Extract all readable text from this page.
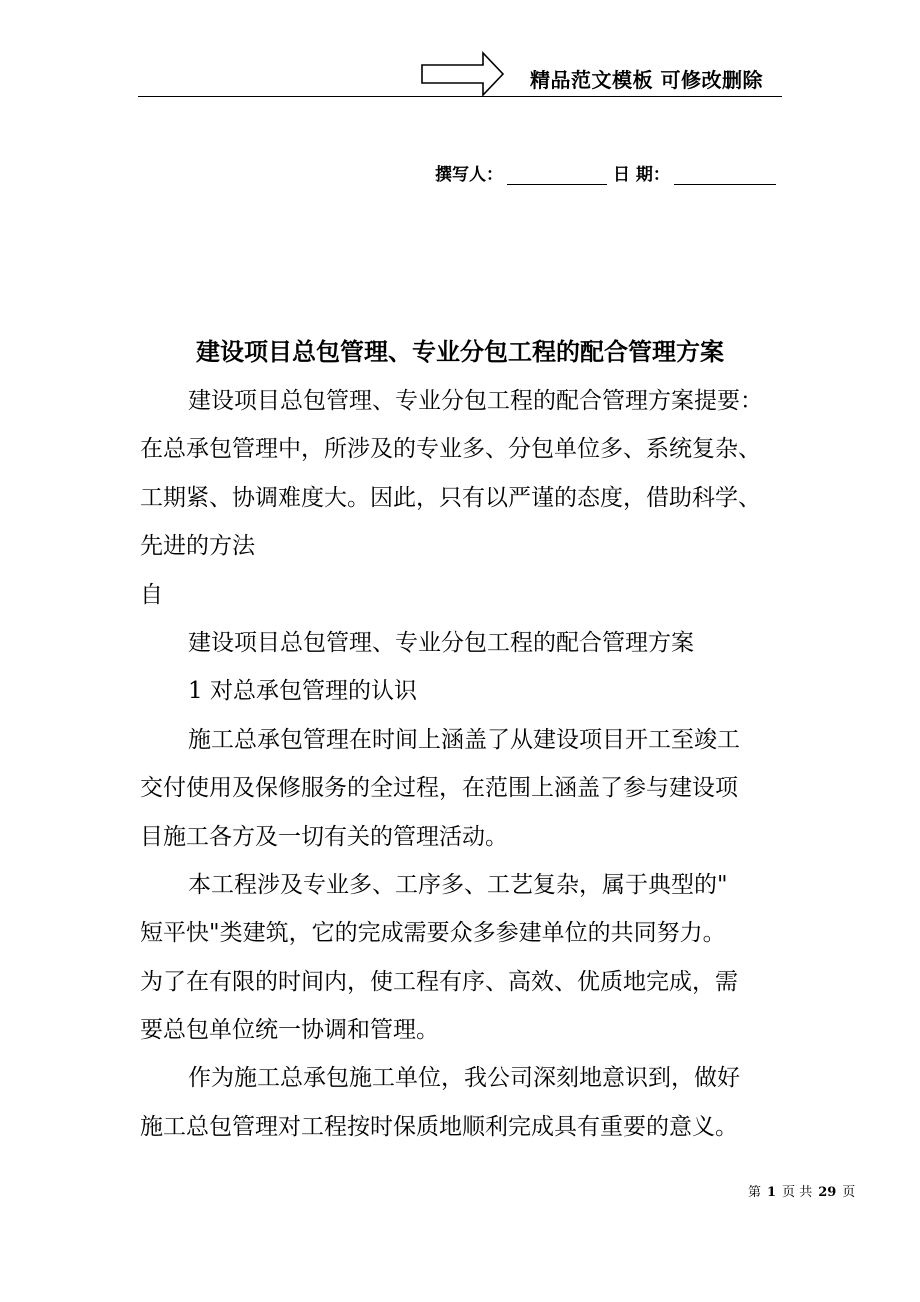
精品范文模板 可修改删除
撰写人：	日 期：
建设项目总包管理、专业分包工程的配合管理方案
建设项目总包管理、专业分包工程的配合管理方案提要：
在总承包管理中，所涉及的专业多、分包单位多、系统复杂、
工期紧、协调难度大。因此，只有以严谨的态度，借助科学、
先进的方法
自
建设项目总包管理、专业分包工程的配合管理方案
1 对总承包管理的认识
施工总承包管理在时间上涵盖了从建设项目开工至竣工
交付使用及保修服务的全过程，在范围上涵盖了参与建设项
目施工各方及一切有关的管理活动。
本工程涉及专业多、工序多、工艺复杂，属于典型的"
短平快"类建筑，它的完成需要众多参建单位的共同努力。
为了在有限的时间内，使工程有序、高效、优质地完成，需
要总包单位统一协调和管理。
作为施工总承包施工单位，我公司深刻地意识到，做好
施工总包管理对工程按时保质地顺利完成具有重要的意义。
第 1 页 共 29 页
